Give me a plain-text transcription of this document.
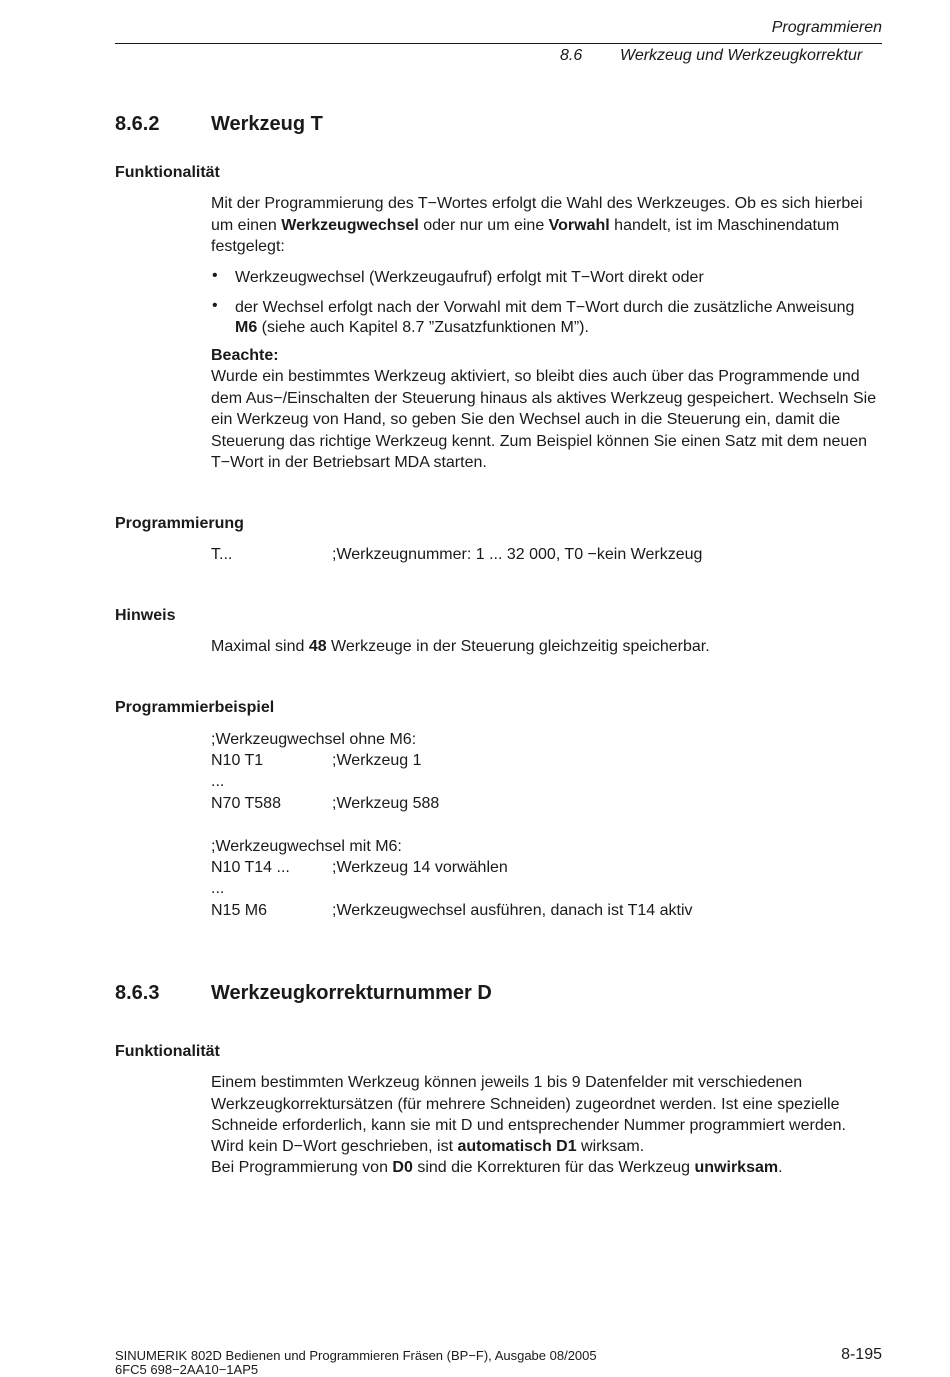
Programmieren
8.6 Werkzeug und Werkzeugkorrektur
8.6.2	Werkzeug T
Funktionalität
Mit der Programmierung des T−Wortes erfolgt die Wahl des Werkzeuges. Ob es sich hierbei um einen Werkzeugwechsel oder nur um eine Vorwahl handelt, ist im Maschinendatum festgelegt:
• Werkzeugwechsel (Werkzeugaufruf) erfolgt mit T−Wort direkt oder
• der Wechsel erfolgt nach der Vorwahl mit dem T−Wort durch die zusätzliche Anweisung
M6 (siehe auch Kapitel 8.7 ”Zusatzfunktionen M”).
Beachte:
Wurde ein bestimmtes Werkzeug aktiviert, so bleibt dies auch über das Programmende und dem Aus−/Einschalten der Steuerung hinaus als aktives Werkzeug gespeichert. Wechseln Sie ein Werkzeug von Hand, so geben Sie den Wechsel auch in die Steuerung ein, damit die Steuerung das richtige Werkzeug kennt. Zum Beispiel können Sie einen Satz mit dem neuen T−Wort in der Betriebsart MDA starten.
Programmierung
T...	;Werkzeugnummer: 1 ... 32 000, T0 −kein Werkzeug
Hinweis
Maximal sind 48 Werkzeuge in der Steuerung gleichzeitig speicherbar.
Programmierbeispiel
;Werkzeugwechsel ohne M6:
N10 T1	;Werkzeug 1
...
N70 T588	;Werkzeug 588
;Werkzeugwechsel mit M6:
N10 T14 ...	;Werkzeug 14 vorwählen
...
N15 M6	;Werkzeugwechsel ausführen, danach ist T14 aktiv
8.6.3	Werkzeugkorrekturnummer D
Funktionalität
Einem bestimmten Werkzeug können jeweils 1 bis 9 Datenfelder mit verschiedenen Werkzeugkorrektursätzen (für mehrere Schneiden) zugeordnet werden. Ist eine spezielle Schneide erforderlich, kann sie mit D und entsprechender Nummer programmiert werden.
Wird kein D−Wort geschrieben, ist automatisch D1 wirksam.
Bei Programmierung von D0 sind die Korrekturen für das Werkzeug unwirksam.
SINUMERIK 802D Bedienen und Programmieren Fräsen (BP−F), Ausgabe 08/2005
6FC5 698−2AA10−1AP5
8-195
